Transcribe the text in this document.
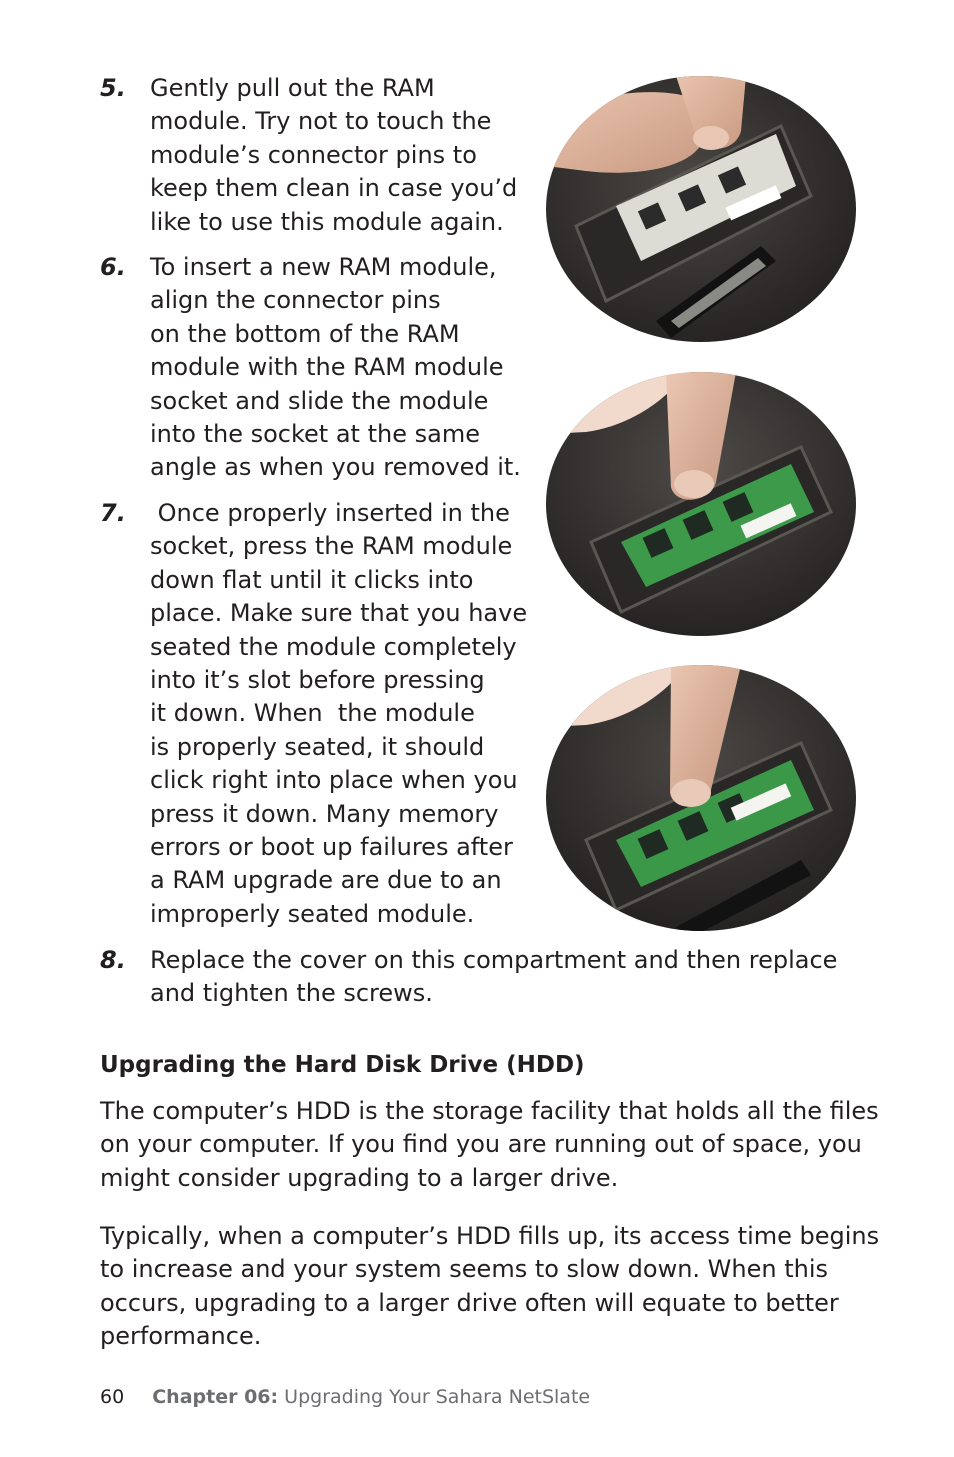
5. Gently pull out the RAM
module. Try not to touch the
module’s connector pins to
keep them clean in case you’d
like to use this module again.
6. To insert a new RAM module,
align the connector pins
on the bottom of the RAM
module with the RAM module
socket and slide the module
into the socket at the same
angle as when you removed it.
7. Once properly inserted in the
socket, press the RAM module
down flat until it clicks into
place. Make sure that you have
seated the module completely
into it’s slot before pressing
it down. When  the module
is properly seated, it should
click right into place when you
press it down. Many memory
errors or boot up failures after
a RAM upgrade are due to an
improperly seated module.
8. Replace the cover on this compartment and then replace
and tighten the screws.
Upgrading the Hard Disk Drive (HDD)
The computer’s HDD is the storage facility that holds all the files
on your computer. If you find you are running out of space, you
might consider upgrading to a larger drive.
Typically, when a computer’s HDD fills up, its access time begins
to increase and your system seems to slow down. When this
occurs, upgrading to a larger drive often will equate to better
performance.
60 Chapter 06: Upgrading Your Sahara NetSlate
